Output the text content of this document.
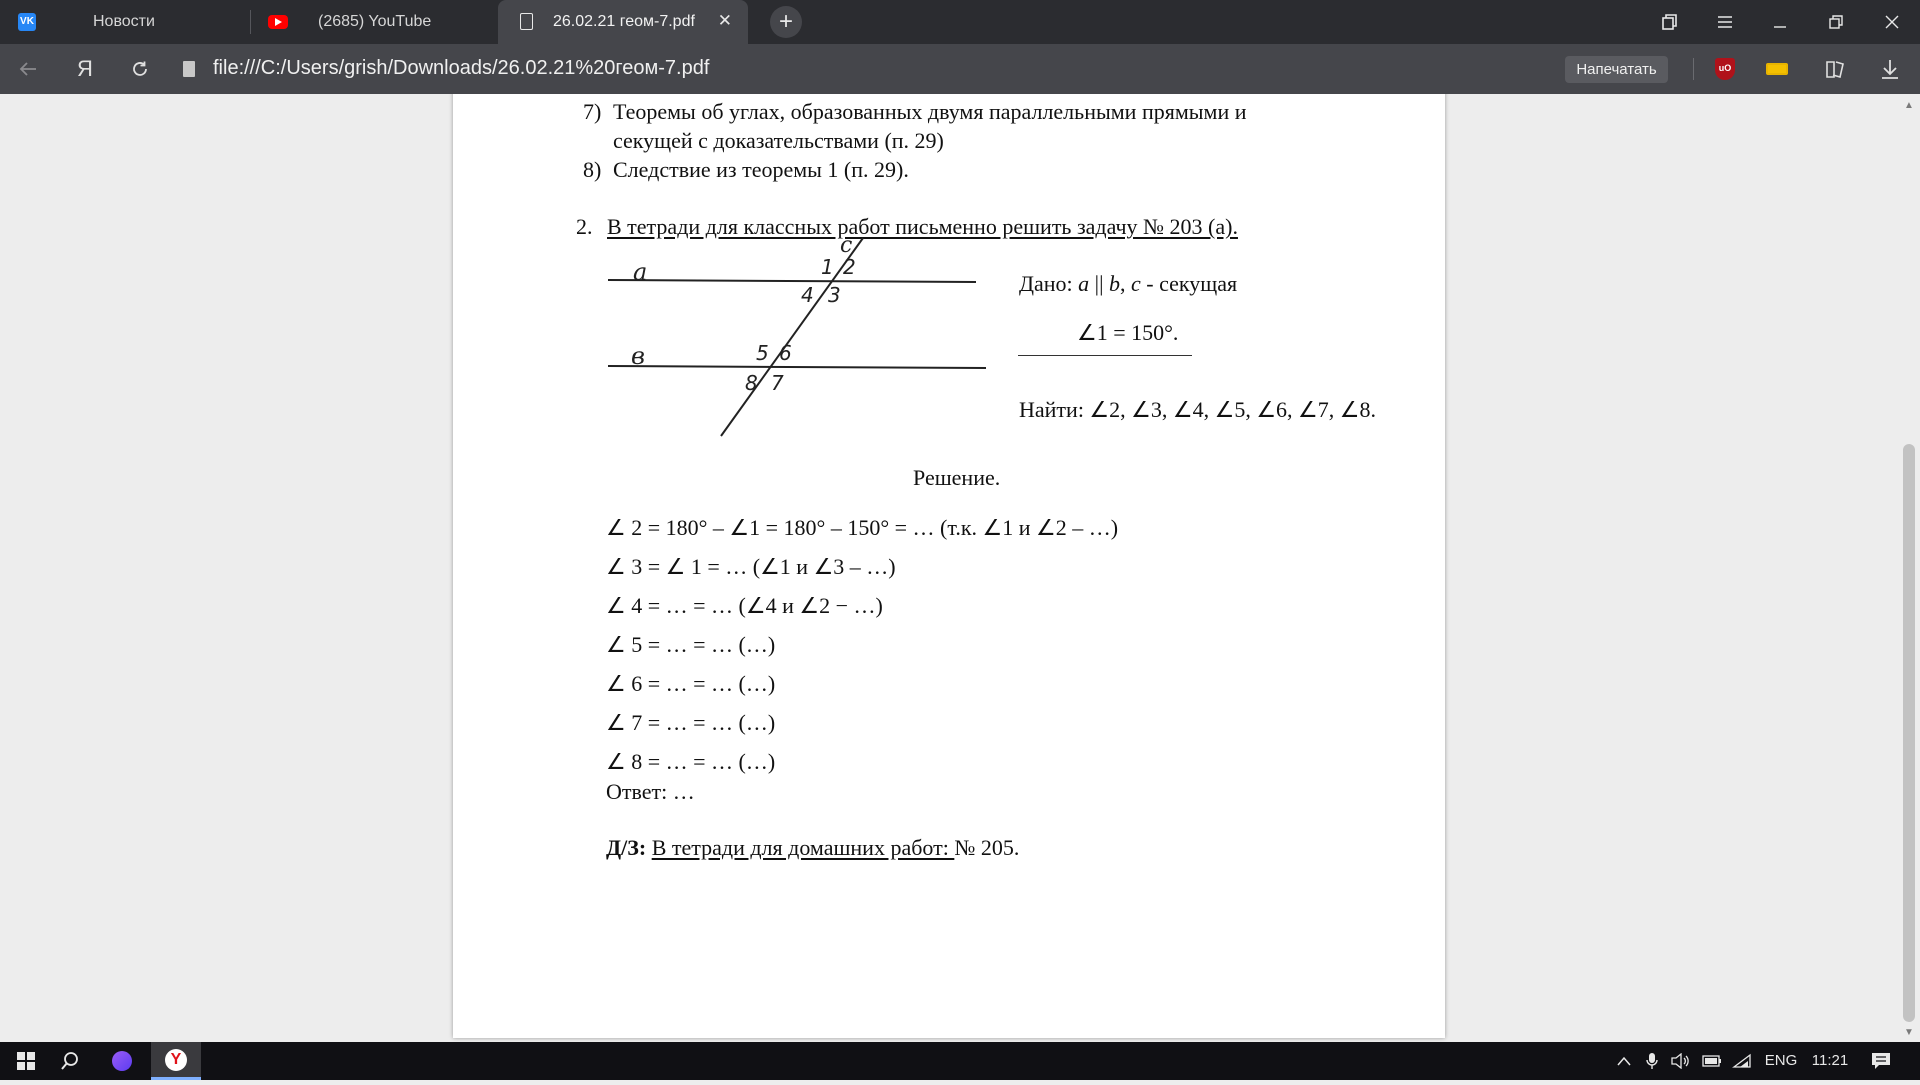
VK	Новости	(2685) YouTube	26.02.21 геом-7.pdf ✕	+
Я	file:///C:/Users/grish/Downloads/26.02.21%20геом-7.pdf	Напечатать	uO
7) Теоремы об углах, образованных двумя параллельными прямыми и
секущей с доказательствами (п. 29)
8) Следствие из теоремы 1 (п. 29).
2. В тетради для классных работ письменно решить задачу № 203 (а).
a
в
c
1 2
3
4
5 6
7
8
Дано: a || b, c - секущая
∠1 = 150°.
Найти: ∠2, ∠3, ∠4, ∠5, ∠6, ∠7, ∠8.
Решение.
∠ 2 = 180° – ∠1 = 180° – 150° = … (т.к. ∠1 и ∠2 – …)
∠ 3 = ∠ 1 = … (∠1 и ∠3 – …)
∠ 4 = … = … (∠4 и ∠2 − …)
∠ 5 = … = … (…)
∠ 6 = … = … (…)
∠ 7 = … = … (…)
∠ 8 = … = … (…)
Ответ: …
Д/З: В тетради для домашних работ: № 205.
▲
▼
Y	ENG 11:21
